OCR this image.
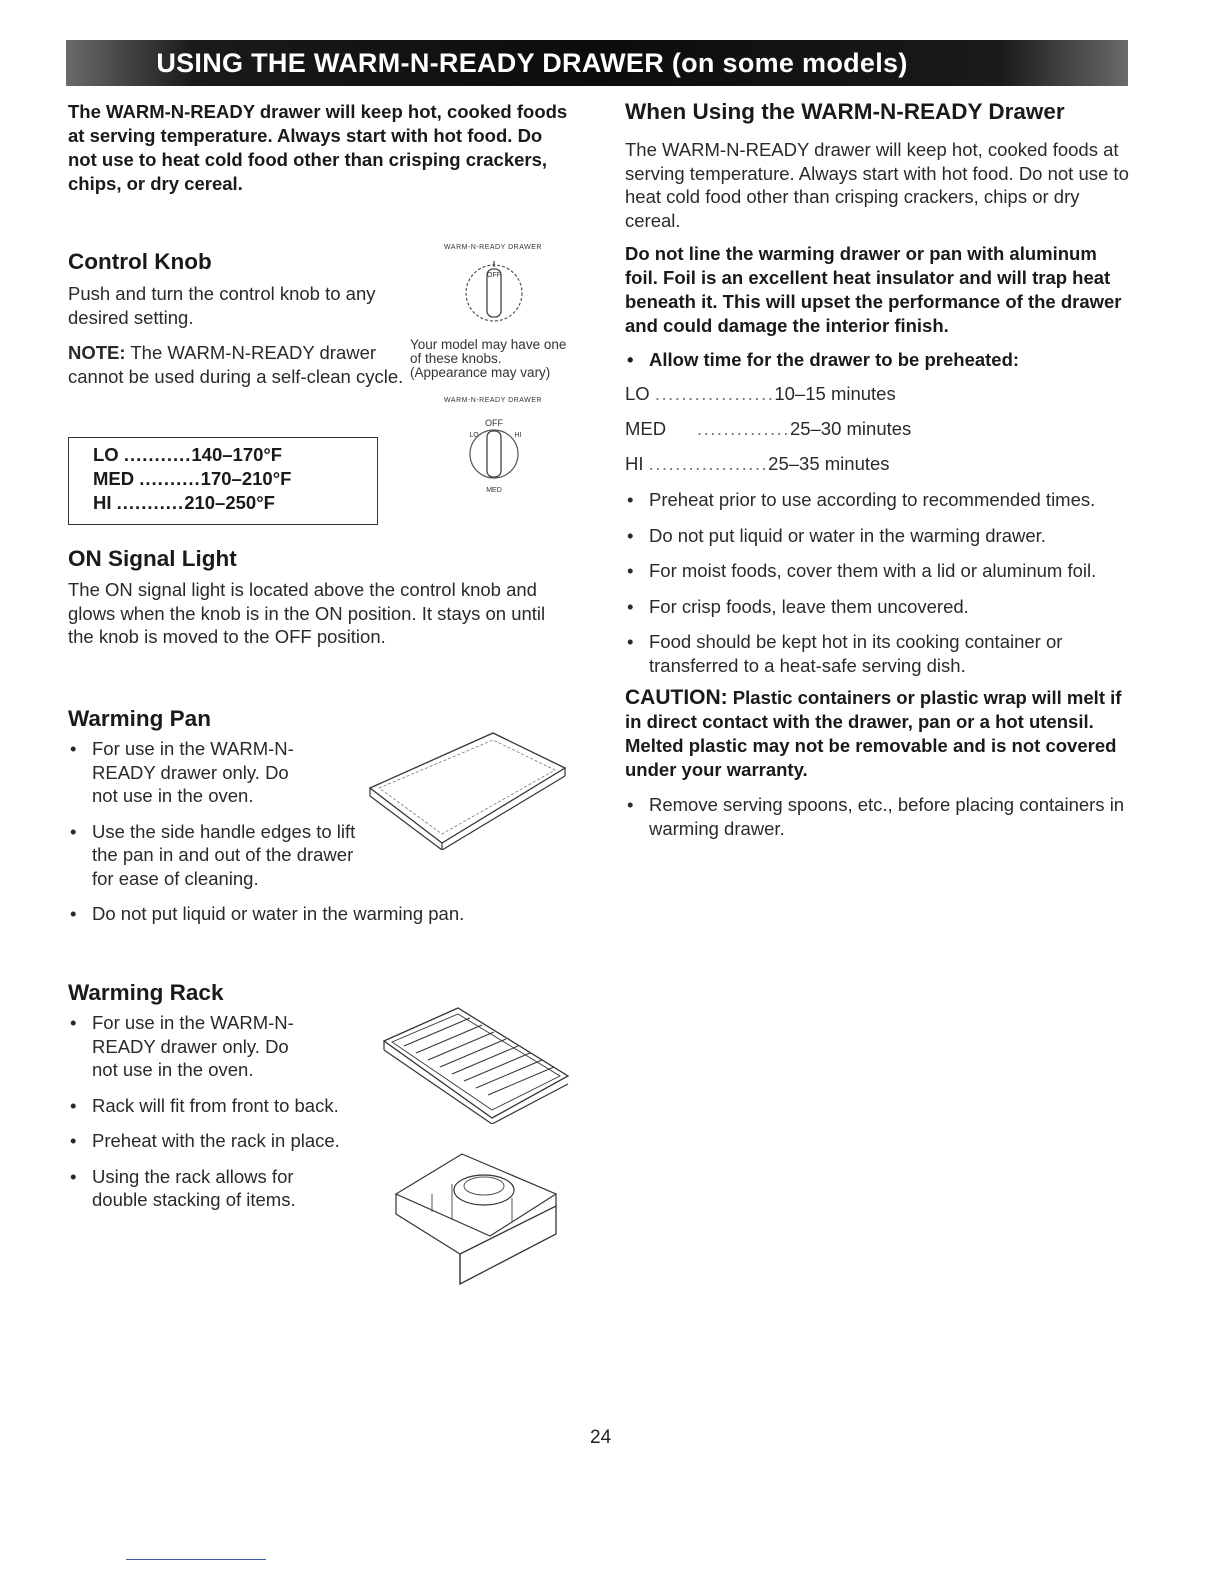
USING THE WARM-N-READY DRAWER (on some models)
The WARM-N-READY drawer will keep hot, cooked foods at serving temperature. Always start with hot food. Do not use to heat cold food other than crisping crackers, chips, or dry cereal.
Control Knob
Push and turn the control knob to any desired setting.
NOTE: The WARM-N-READY drawer cannot be used during a self-clean cycle.
WARM-N-READY DRAWER
OFF
Your model may have one of these knobs. (Appearance may vary)
WARM-N-READY DRAWER
OFF
LO	HI
MED
LO
........... 140–170°F
MED
.......... 170–210°F
HI
........... 210–250°F
ON Signal Light
The ON signal light is located above the control knob and glows when the knob is in the ON position. It stays on until the knob is moved to the OFF position.
Warming Pan
• For use in the WARM-N-READY drawer only. Do not use in the oven.
• Use the side handle edges to lift the pan in and out of the drawer for ease of cleaning.
• Do not put liquid or water in the warming pan.
Warming Rack
• For use in the WARM-N-READY drawer only. Do not use in the oven.
• Rack will fit from front to back.
• Preheat with the rack in place.
• Using the rack allows for double stacking of items.
When Using the WARM-N-READY Drawer
The WARM-N-READY drawer will keep hot, cooked foods at serving temperature. Always start with hot food. Do not use to heat cold food other than crisping crackers, chips or dry cereal.
Do not line the warming drawer or pan with aluminum foil. Foil is an excellent heat insulator and will trap heat beneath it. This will upset the performance of the drawer and could damage the interior finish.
• Allow time for the drawer to be preheated:
LO
.................. 10–15 minutes
MED
.............. 25–30 minutes
HI
.................. 25–35 minutes
• Preheat prior to use according to recommended times.
• Do not put liquid or water in the warming drawer.
• For moist foods, cover them with a lid or aluminum foil.
• For crisp foods, leave them uncovered.
• Food should be kept hot in its cooking container or transferred to a heat-safe serving dish.
CAUTION: Plastic containers or plastic wrap will melt if in direct contact with the drawer, pan or a hot utensil. Melted plastic may not be removable and is not covered under your warranty.
• Remove serving spoons, etc., before placing containers in warming drawer.
24
